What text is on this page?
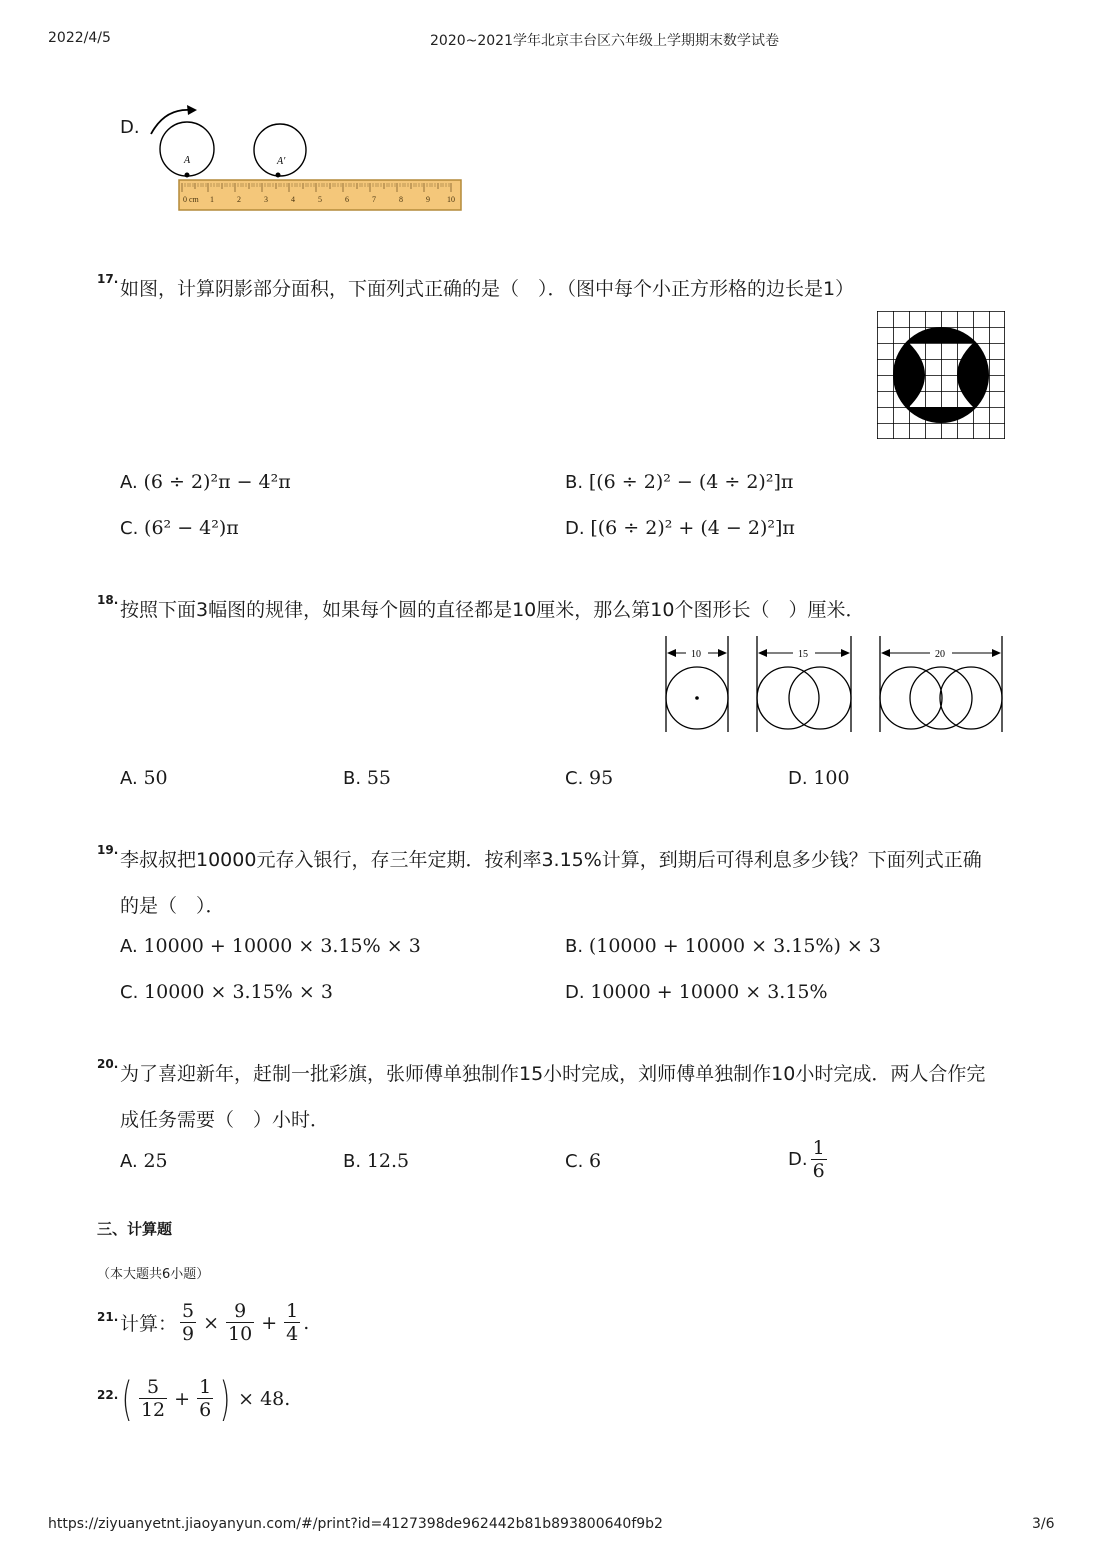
2022/4/5	2020~2021学年北京丰台区六年级上学期期末数学试卷
D.
A	A′
0 cm 1	2	3	4	5	6	7	8	9 10
17. 如图，计算阴影部分面积，下面列式正确的是（　）．（图中每个小正方形格的边长是1）
A. (6 ÷ 2)²π − 4²π	B. [(6 ÷ 2)² − (4 ÷ 2)²]π
C. (6² − 4²)π	D. [(6 ÷ 2)² + (4 − 2)²]π
18. 按照下面3幅图的规律，如果每个圆的直径都是10厘米，那么第10个图形长（　）厘米．
10	15	20
A. 50	B. 55	C. 95	D. 100
19. 李叔叔把10000元存入银行，存三年定期．按利率3.15%计算，到期后可得利息多少钱？下面列式正确
的是（　）．
A. 10000 + 10000 × 3.15% × 3	B. (10000 + 10000 × 3.15%) × 3
C. 10000 × 3.15% × 3	D. 10000 + 10000 × 3.15%
20. 为了喜迎新年，赶制一批彩旗，张师傅单独制作15小时完成，刘师傅单独制作10小时完成．两人合作完
成任务需要（　）小时．
A. 25	B. 12.5	C. 6	D. $\frac{1}{6}$
三、计算题
（本大题共6小题）
21. 计算： $\frac{5}{9} \times \frac{9}{10} + \frac{1}{4}$ .
22. ( $\frac{5}{12} + \frac{1}{6}$ ) × 48.
https://ziyuanyetnt.jiaoyanyun.com/#/print?id=4127398de962442b81b893800640f9b2	3/6
